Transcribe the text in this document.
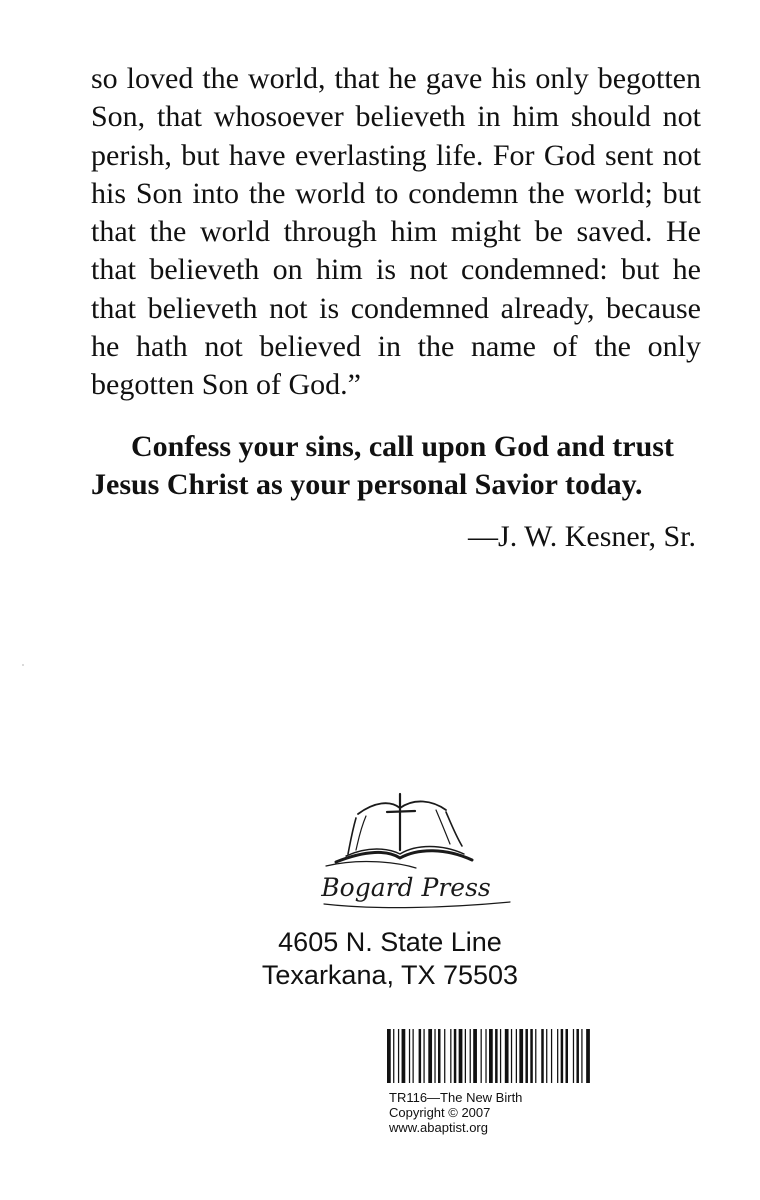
so loved the world, that he gave his only begotten Son, that whosoever believeth in him should not perish, but have everlasting life. For God sent not his Son into the world to condemn the world; but that the world through him might be saved. He that believeth on him is not condemned: but he that believeth not is condemned already, because he hath not believed in the name of the only begotten Son of God.”

Confess your sins, call upon God and trust Jesus Christ as your personal Savior today.

—J. W. Kesner, Sr.

Bogard Press
4605 N. State Line
Texarkana, TX 75503
TR116—The New Birth
Copyright © 2007
www.abaptist.org
